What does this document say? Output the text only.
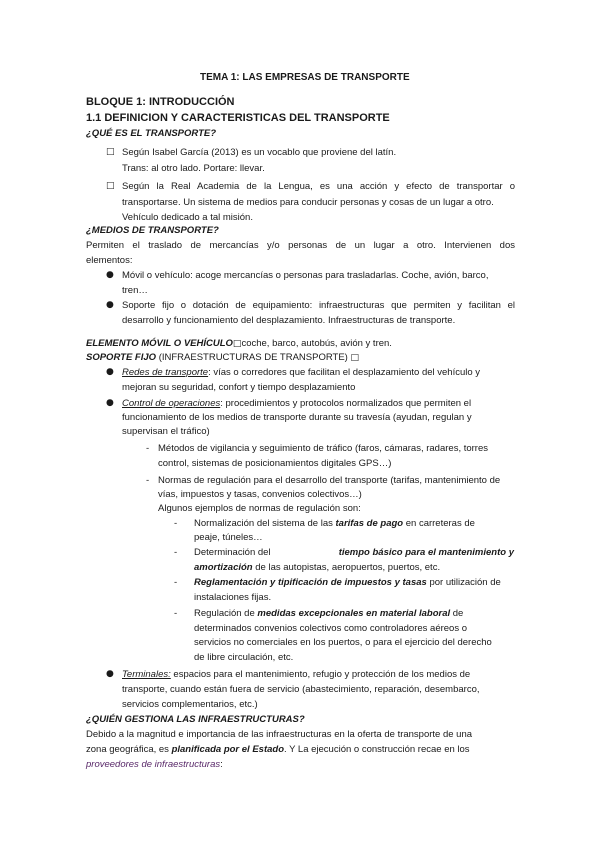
TEMA 1: LAS EMPRESAS DE TRANSPORTE
BLOQUE 1: INTRODUCCIÓN
1.1 DEFINICION Y CARACTERISTICAS DEL TRANSPORTE
¿QUÉ ES EL TRANSPORTE?
□ Según Isabel García (2013) es un vocablo que proviene del latín.
Trans: al otro lado. Portare: llevar.
□ Según la Real Academia de la Lengua, es una acción y efecto de transportar o
transportarse. Un sistema de medios para conducir personas y cosas de un lugar a otro.
Vehículo dedicado a tal misión.
¿MEDIOS DE TRANSPORTE?
Permiten el traslado de mercancías y/o personas de un lugar a otro. Intervienen dos
elementos:
● Móvil o vehículo: acoge mercancías o personas para trasladarlas. Coche, avión, barco,
tren…
● Soporte fijo o dotación de equipamiento: infraestructuras que permiten y facilitan el
desarrollo y funcionamiento del desplazamiento. Infraestructuras de transporte.
ELEMENTO MÓVIL O VEHÍCULO□coche, barco, autobús, avión y tren.
SOPORTE FIJO (INFRAESTRUCTURAS DE TRANSPORTE) □
● Redes de transporte: vías o corredores que facilitan el desplazamiento del vehículo y
mejoran su seguridad, confort y tiempo desplazamiento
● Control de operaciones: procedimientos y protocolos normalizados que permiten el
funcionamiento de los medios de transporte durante su travesía (ayudan, regulan y
supervisan el tráfico)
- Métodos de vigilancia y seguimiento de tráfico (faros, cámaras, radares, torres
control, sistemas de posicionamientos digitales GPS…)
- Normas de regulación para el desarrollo del transporte (tarifas, mantenimiento de
vías, impuestos y tasas, convenios colectivos…)
Algunos ejemplos de normas de regulación son:
- Normalización del sistema de las tarifas de pago en carreteras de
peaje, túneles…
- Determinación del	tiempo básico para el mantenimiento y
amortización de las autopistas, aeropuertos, puertos, etc.
- Reglamentación y tipificación de impuestos y tasas por utilización de
instalaciones fijas.
- Regulación de medidas excepcionales en material laboral de
determinados convenios colectivos como controladores aéreos o
servicios no comerciales en los puertos, o para el ejercicio del derecho
de libre circulación, etc.
● Terminales: espacios para el mantenimiento, refugio y protección de los medios de
transporte, cuando están fuera de servicio (abastecimiento, reparación, desembarco,
servicios complementarios, etc.)
¿QUIÉN GESTIONA LAS INFRAESTRUCTURAS?
Debido a la magnitud e importancia de las infraestructuras en la oferta de transporte de una
zona geográfica, es planificada por el Estado. Y La ejecución o construcción recae en los
proveedores de infraestructuras:
